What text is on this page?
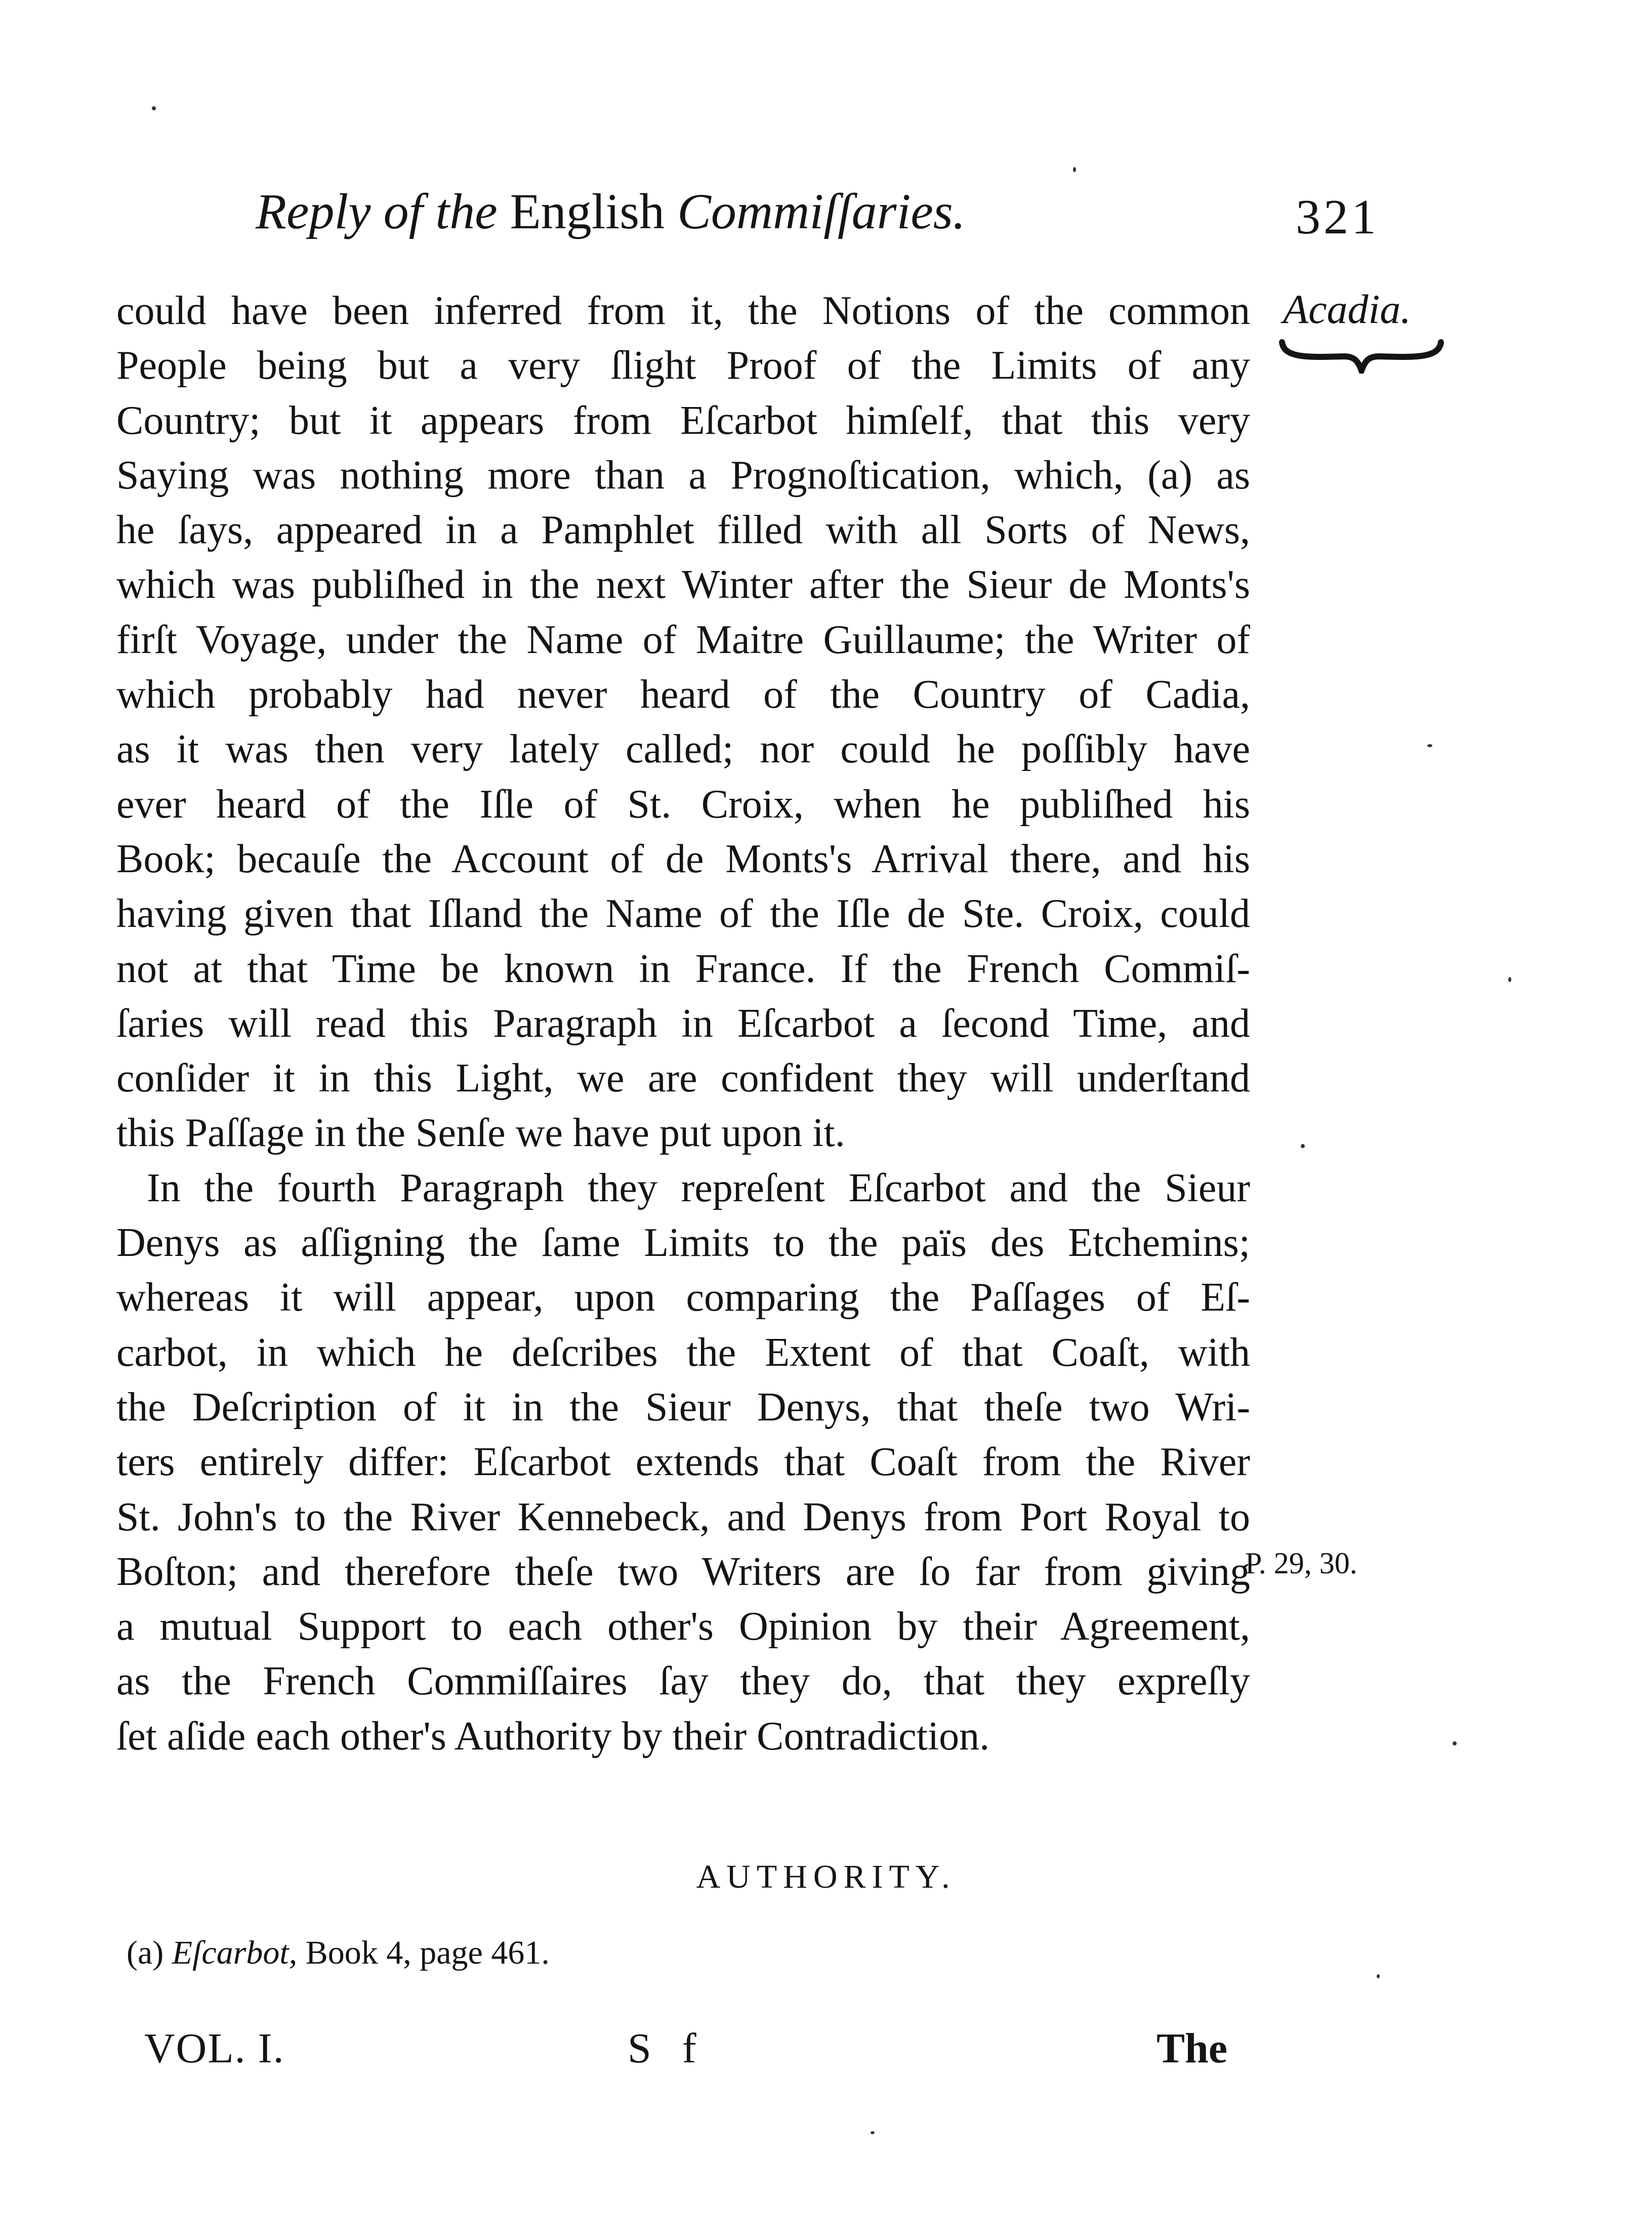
Reply of the English Commiſſaries.	321
Acadia.
could have been inferred from it, the Notions of the common
People being but a very ſlight Proof of the Limits of any
Country; but it appears from Eſcarbot himſelf, that this very
Saying was nothing more than a Prognoſtication, which, (a) as
he ſays, appeared in a Pamphlet filled with all Sorts of News,
which was publiſhed in the next Winter after the Sieur de Monts's
firſt Voyage, under the Name of Maitre Guillaume; the Writer of
which probably had never heard of the Country of Cadia,
as it was then very lately called; nor could he poſſibly have
ever heard of the Iſle of St. Croix, when he publiſhed his
Book; becauſe the Account of de Monts's Arrival there, and his
having given that Iſland the Name of the Iſle de Ste. Croix, could
not at that Time be known in France. If the French Commiſ-
ſaries will read this Paragraph in Eſcarbot a ſecond Time, and
conſider it in this Light, we are confident they will underſtand
this Paſſage in the Senſe we have put upon it.
In the fourth Paragraph they repreſent Eſcarbot and the Sieur
Denys as aſſigning the ſame Limits to the païs des Etchemins;
whereas it will appear, upon comparing the Paſſages of Eſ-
carbot, in which he deſcribes the Extent of that Coaſt, with
the Deſcription of it in the Sieur Denys, that theſe two Wri-
ters entirely differ: Eſcarbot extends that Coaſt from the River
St. John's to the River Kennebeck, and Denys from Port Royal to
Boſton; and therefore theſe two Writers are ſo far from giving
a mutual Support to each other's Opinion by their Agreement,
as the French Commiſſaires ſay they do, that they expreſly
ſet aſide each other's Authority by their Contradiction.
P. 29, 30.
AUTHORITY.
(a) Eſcarbot, Book 4, page 461.
VOL. I.	S f	The
